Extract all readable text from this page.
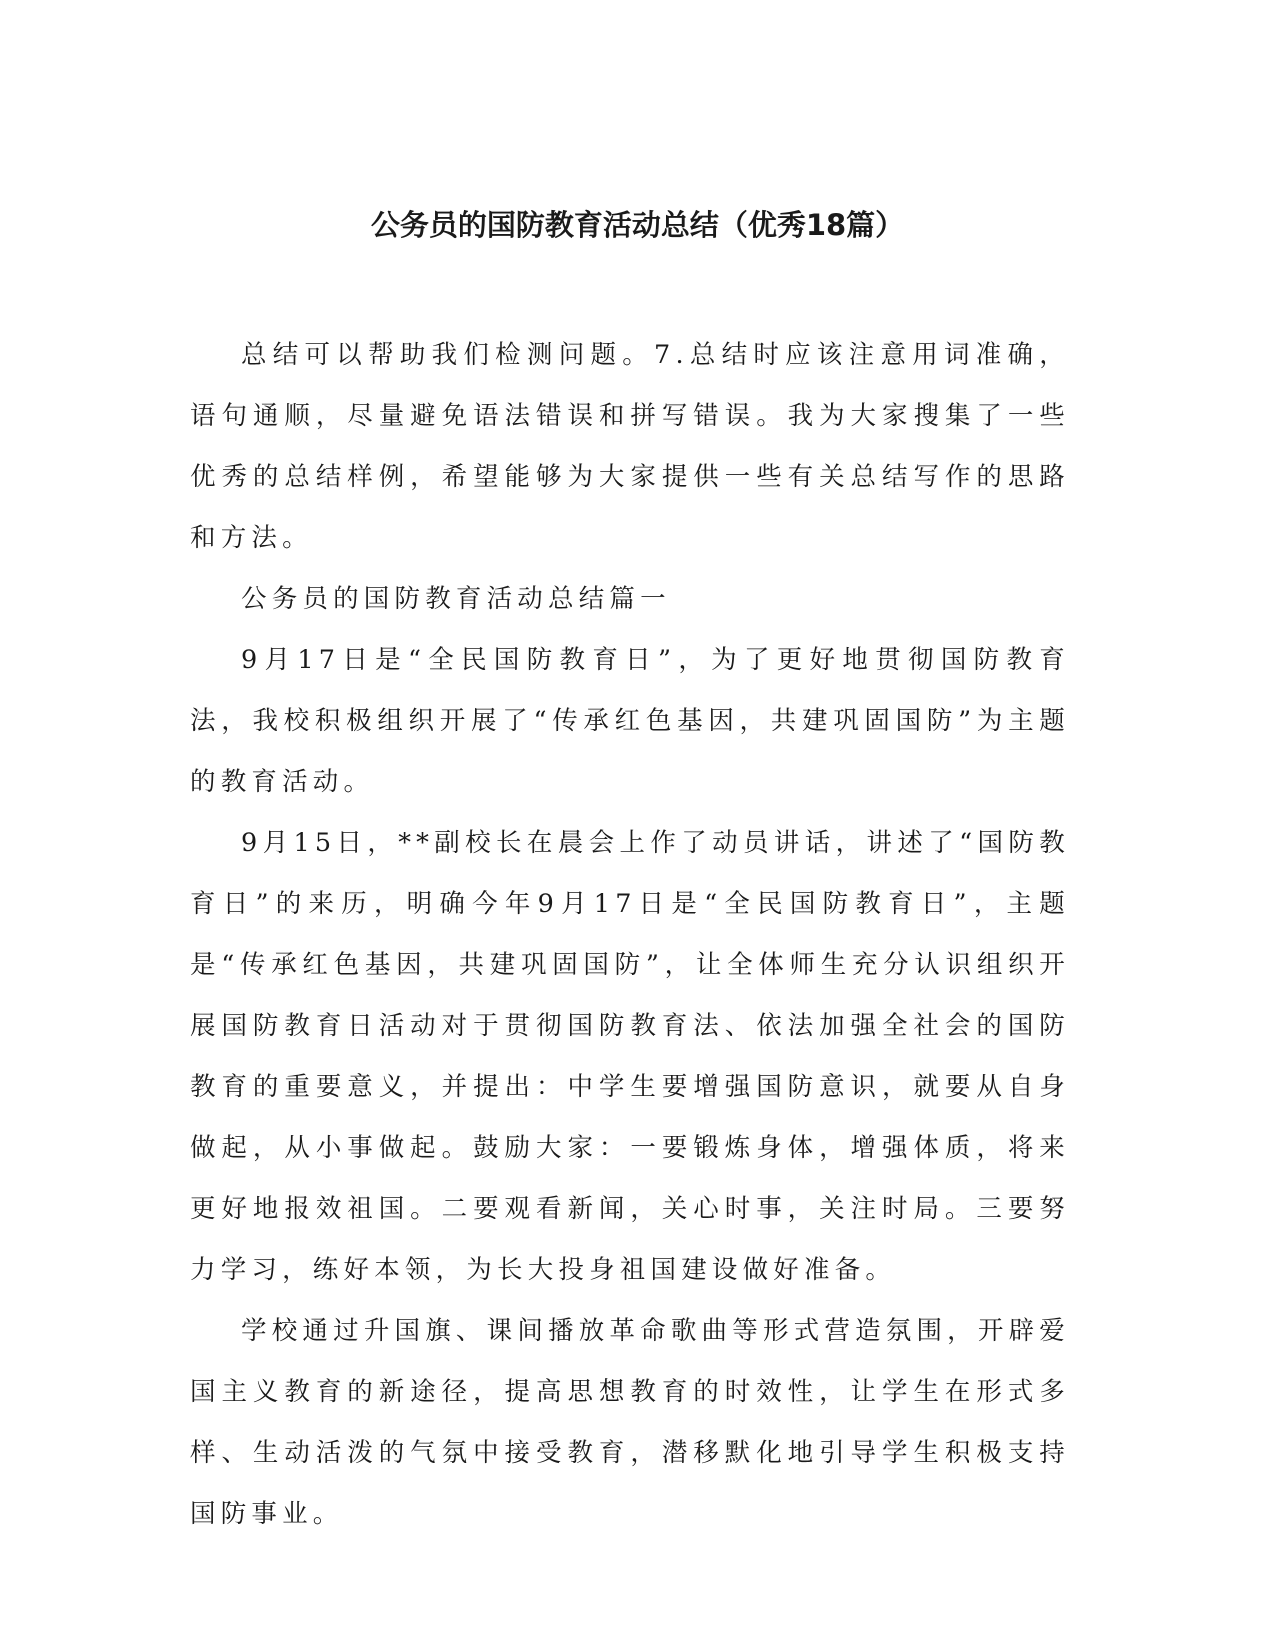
公务员的国防教育活动总结（优秀18篇）

总结可以帮助我们检测问题。7.总结时应该注意用词准确，语句通顺，尽量避免语法错误和拼写错误。我为大家搜集了一些优秀的总结样例，希望能够为大家提供一些有关总结写作的思路和方法。

公务员的国防教育活动总结篇一

9月17日是“全民国防教育日”，为了更好地贯彻国防教育法，我校积极组织开展了“传承红色基因，共建巩固国防”为主题的教育活动。

9月15日，**副校长在晨会上作了动员讲话，讲述了“国防教育日”的来历，明确今年9月17日是“全民国防教育日”，主题是“传承红色基因，共建巩固国防”，让全体师生充分认识组织开展国防教育日活动对于贯彻国防教育法、依法加强全社会的国防教育的重要意义，并提出：中学生要增强国防意识，就要从自身做起，从小事做起。鼓励大家：一要锻炼身体，增强体质，将来更好地报效祖国。二要观看新闻，关心时事，关注时局。三要努力学习，练好本领，为长大投身祖国建设做好准备。

学校通过升国旗、课间播放革命歌曲等形式营造氛围，开辟爱国主义教育的新途径，提高思想教育的时效性，让学生在形式多样、生动活泼的气氛中接受教育，潜移默化地引导学生积极支持国防事业。
